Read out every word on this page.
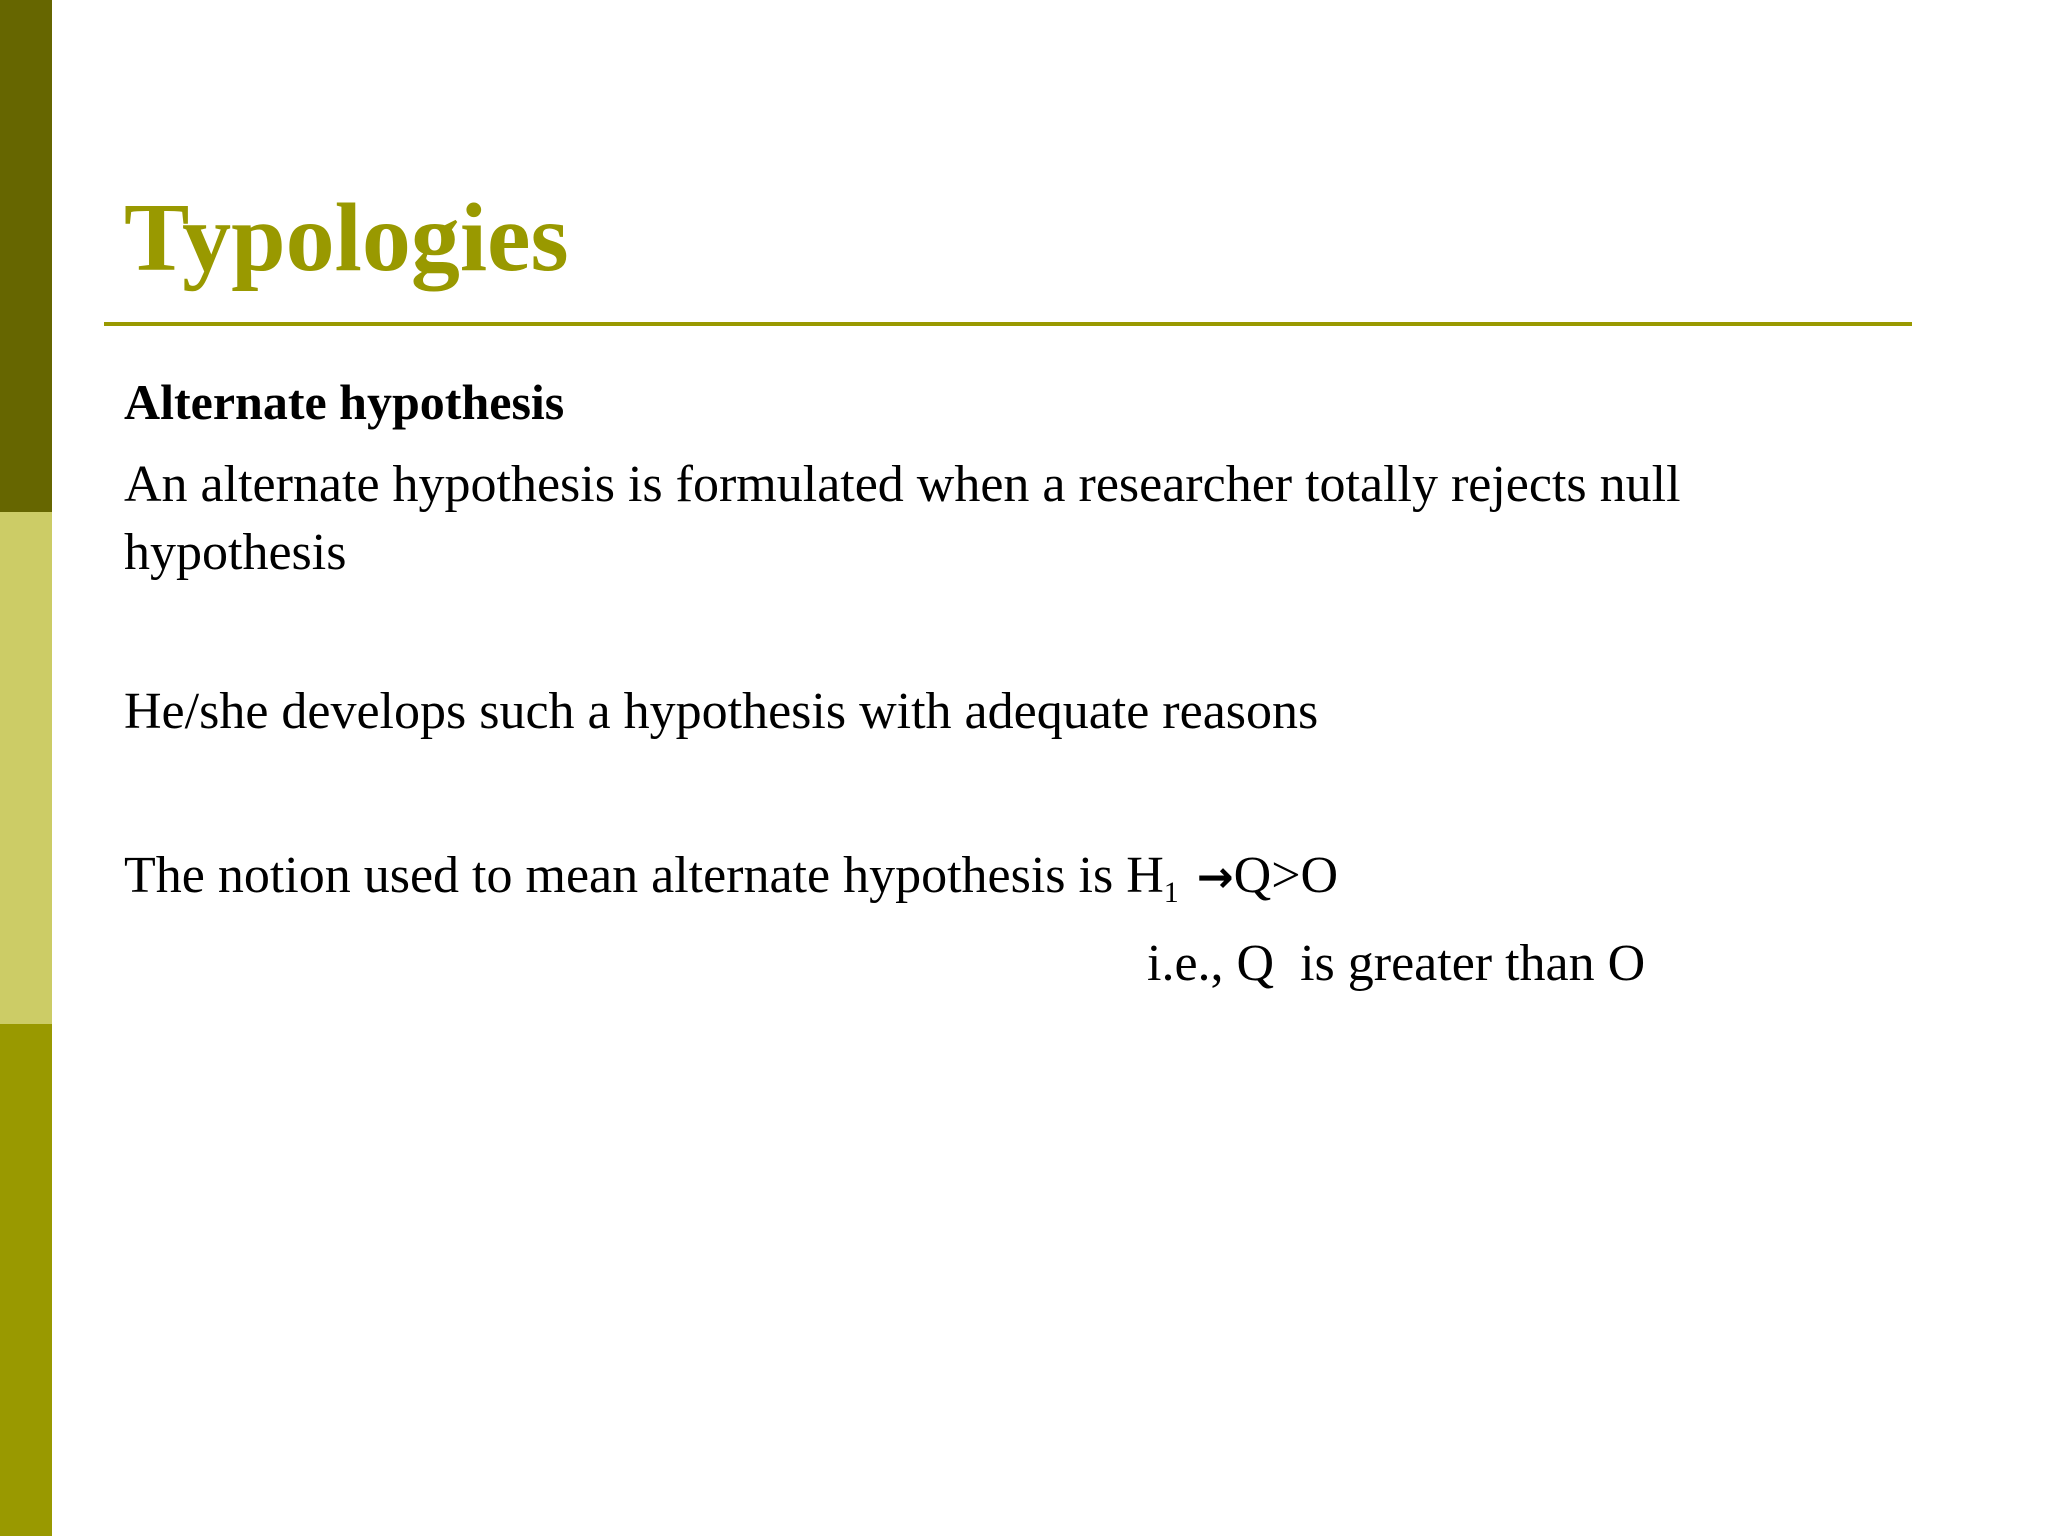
Typologies
Alternate hypothesis
An alternate hypothesis is formulated when a researcher totally rejects null
hypothesis
He/she develops such a hypothesis with adequate reasons
The notion used to mean alternate hypothesis is $H_1 \to Q>O$
i.e., Q  is greater than O
